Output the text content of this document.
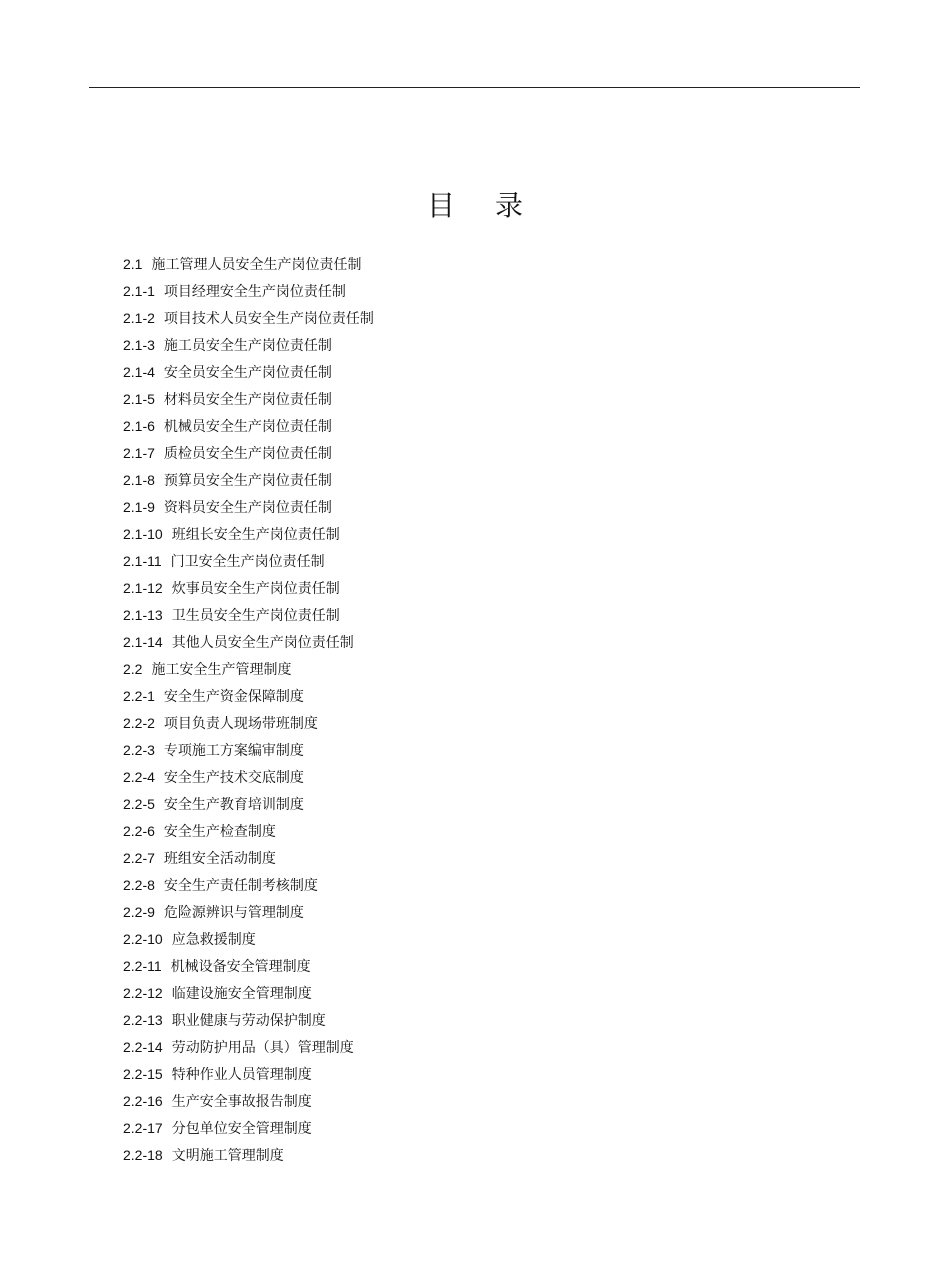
目 录
2.1 施工管理人员安全生产岗位责任制
2.1-1 项目经理安全生产岗位责任制
2.1-2 项目技术人员安全生产岗位责任制
2.1-3 施工员安全生产岗位责任制
2.1-4 安全员安全生产岗位责任制
2.1-5 材料员安全生产岗位责任制
2.1-6 机械员安全生产岗位责任制
2.1-7 质检员安全生产岗位责任制
2.1-8 预算员安全生产岗位责任制
2.1-9 资料员安全生产岗位责任制
2.1-10 班组长安全生产岗位责任制
2.1-11 门卫安全生产岗位责任制
2.1-12 炊事员安全生产岗位责任制
2.1-13 卫生员安全生产岗位责任制
2.1-14 其他人员安全生产岗位责任制
2.2 施工安全生产管理制度
2.2-1 安全生产资金保障制度
2.2-2 项目负责人现场带班制度
2.2-3 专项施工方案编审制度
2.2-4 安全生产技术交底制度
2.2-5 安全生产教育培训制度
2.2-6 安全生产检查制度
2.2-7 班组安全活动制度
2.2-8 安全生产责任制考核制度
2.2-9 危险源辨识与管理制度
2.2-10 应急救援制度
2.2-11 机械设备安全管理制度
2.2-12 临建设施安全管理制度
2.2-13 职业健康与劳动保护制度
2.2-14 劳动防护用品（具）管理制度
2.2-15 特种作业人员管理制度
2.2-16 生产安全事故报告制度
2.2-17 分包单位安全管理制度
2.2-18 文明施工管理制度
